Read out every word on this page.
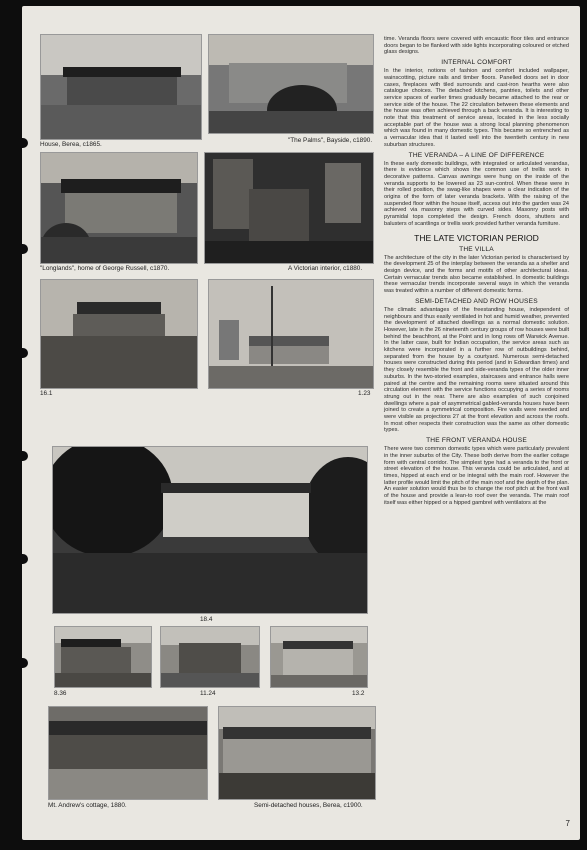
House, Berea, c1865.
"The Palms", Bayside, c1890.
"Longlands", home of George Russell, c1870.	A Victorian interior, c1880.
16.1	1.23
18.4
8.36	11.24	13.2
Mt. Andrew's cottage, 1880.	Semi-detached houses, Berea, c1900.

time. Veranda floors were covered with encaustic floor tiles and entrance doors began to be flanked with side lights incorporating coloured or etched glass designs.

INTERNAL COMFORT

In the interior, notions of fashion and comfort included wallpaper, wainscotting, picture rails and timber floors. Panelled doors set in door cases, fireplaces with tiled surrounds and cast-iron hearths were also catalogue choices. The detached kitchens, pantries, toilets and other service spaces of earlier times gradually became attached to the rear or service side of the house. The 22 circulation between these elements and the house was often achieved through a back veranda. It is interesting to note that this treatment of service areas, located in the less socially acceptable part of the house was a strong local planning phenomenon which was found in many domestic types. This became so entrenched as a vernacular idea that it lasted well into the twentieth century in new suburban structures.

THE VERANDA – A LINE OF DIFFERENCE

In these early domestic buildings, with integrated or articulated verandas, there is evidence which shows the common use of trellis work in decorative patterns. Canvas awnings were hung on the inside of the veranda supports to be lowered as 23 sun-control. When these were in their rolled position, the swag-like shapes were a clear indication of the origins of the form of later veranda brackets. With the raising of the suspended floor within the house itself, access out into the garden was 24 achieved via masonry steps with curved sides. Masonry posts with pyramidal tops completed the design. French doors, shutters and balusters of scantlings or trellis work provided further veranda furniture.

THE LATE VICTORIAN PERIOD
THE VILLA

The architecture of the city in the later Victorian period is characterised by the development 25 of the interplay between the veranda as a shelter and design device, and the forms and motifs of other architectural ideas. Certain vernacular trends also became established. In domestic buildings these vernacular trends incorporate several ways in which the veranda was treated within a number of different domestic forms.

SEMI-DETACHED AND ROW HOUSES

The climatic advantages of the freestanding house, independent of neighbours and thus easily ventilated in hot and humid weather, prevented the development of attached dwellings as a normal domestic solution. However, late in the 26 nineteenth century groups of row houses were built behind the beachfront, at the Point and in long rows off Warwick Avenue. In the latter case, built for Indian occupation, the service areas such as kitchens were incorporated in a further row of outbuildings behind, separated from the house by a courtyard. Numerous semi-detached houses were constructed during this period (and in Edwardian times) and they closely resemble the front and side-veranda types of the older inner suburbs. In the two-storied examples, staircases and entrance halls were paired at the centre and the remaining rooms were situated around this circulation element with the service functions occupying a series of rooms strung out in the rear. There are also examples of such conjoined dwellings where a pair of asymmetrical gabled-veranda houses have been joined to create a symmetrical composition. Fire walls were needed and were visible as projections 27 at the front elevation and across the roofs. In most other respects their construction was the same as other domestic types.

THE FRONT VERANDA HOUSE

There were two common domestic types which were particularly prevalent in the inner suburbs of the City. These both derive from the earlier cottage form with central corridor. The simplest type had a veranda to the front or street elevation of the house. This veranda could be articulated, and at times, hipped at each end or be integral with the main roof. However the latter profile would limit the pitch of the main roof and the depth of the plan. An easier solution would thus be to change the roof pitch at the front wall of the house and provide a lean-to roof over the veranda. The main roof itself was either hipped or a hipped gambrel with ventilators at the

7
